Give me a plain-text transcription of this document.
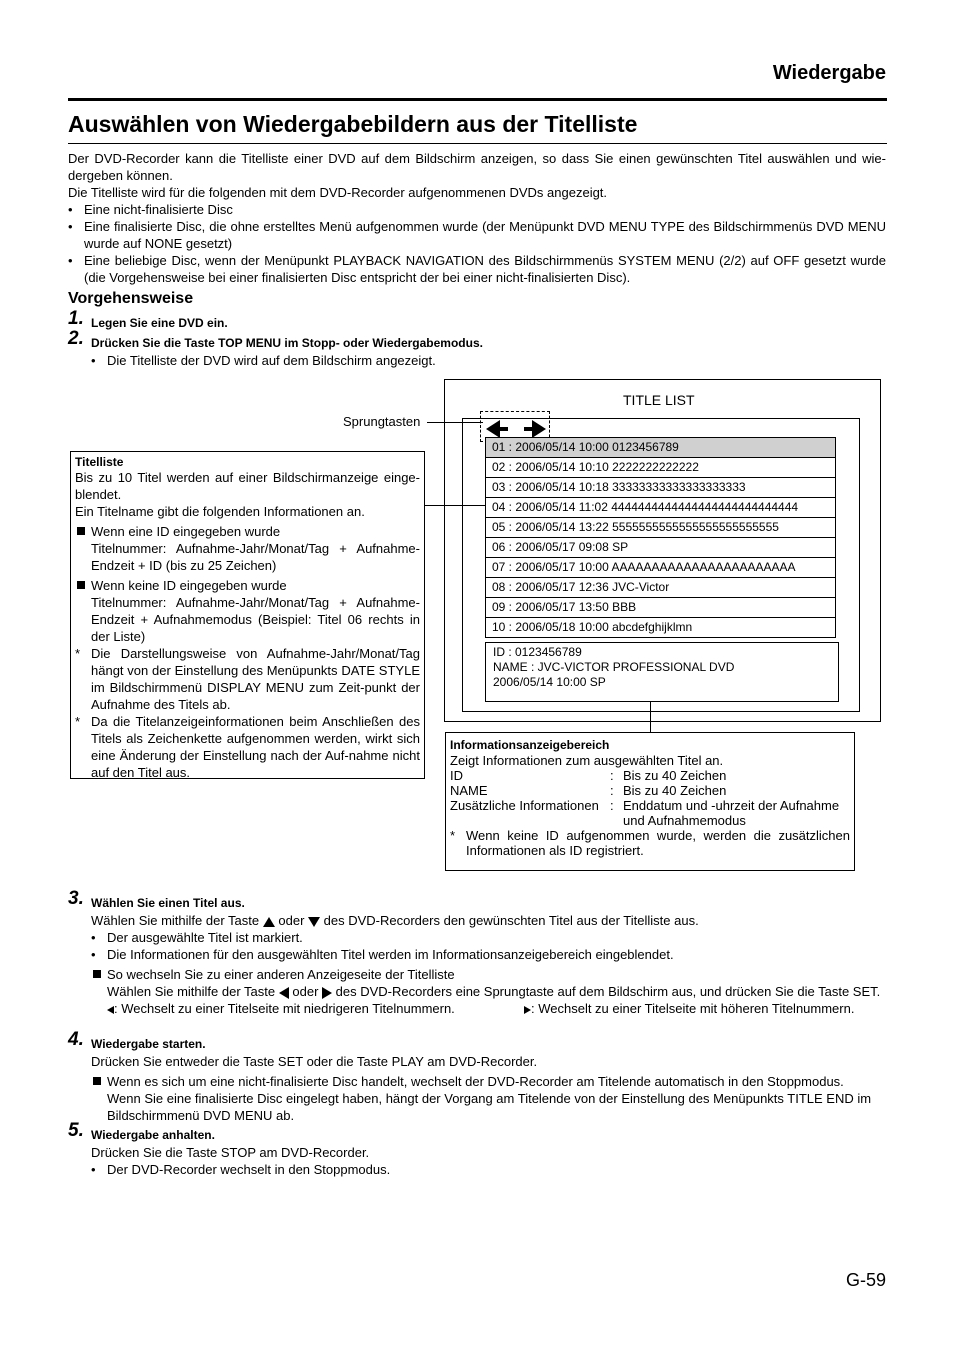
Wiedergabe
Auswählen von Wiedergabebildern aus der Titelliste

Der DVD-Recorder kann die Titelliste einer DVD auf dem Bildschirm anzeigen, so dass Sie einen gewünschten Titel auswählen und wie-dergeben können.

Die Titelliste wird für die folgenden mit dem DVD-Recorder aufgenommenen DVDs angezeigt.

• Eine nicht-finalisierte Disc

• Eine finalisierte Disc, die ohne erstelltes Menü aufgenommen wurde (der Menüpunkt DVD MENU TYPE des Bildschirmmenüs DVD MENU wurde auf NONE gesetzt)

• Eine beliebige Disc, wenn der Menüpunkt PLAYBACK NAVIGATION des Bildschirmmenüs SYSTEM MENU (2/2) auf OFF gesetzt wurde (die Vorgehensweise bei einer finalisierten Disc entspricht der bei einer nicht-finalisierten Disc).

Vorgehensweise
1. Legen Sie eine DVD ein.
2. Drücken Sie die Taste TOP MENU im Stopp- oder Wiedergabemodus.
• Die Titelliste der DVD wird auf dem Bildschirm angezeigt.
TITLE LIST
Sprungtasten
01 : 2006/05/14 10:00 0123456789
02 : 2006/05/14 10:10 2222222222222
03 : 2006/05/14 10:18 33333333333333333333
04 : 2006/05/14 11:02 4444444444444444444444444444
05 : 2006/05/14 13:22 5555555555555555555555555
06 : 2006/05/17 09:08 SP
07 : 2006/05/17 10:00 AAAAAAAAAAAAAAAAAAAAAAA
08 : 2006/05/17 12:36 JVC-Victor
09 : 2006/05/17 13:50 BBB
10 : 2006/05/18 10:00 abcdefghijklmn
ID : 0123456789
NAME : JVC-VICTOR PROFESSIONAL DVD
2006/05/14 10:00 SP
Titelliste
Bis zu 10 Titel werden auf einer Bildschirmanzeige einge-blendet.
Ein Titelname gibt die folgenden Informationen an.
Wenn eine ID eingegeben wurde
Titelnummer: Aufnahme-Jahr/Monat/Tag + Aufnahme-Endzeit + ID (bis zu 25 Zeichen)
Wenn keine ID eingegeben wurde
Titelnummer: Aufnahme-Jahr/Monat/Tag + Aufnahme-Endzeit + Aufnahmemodus (Beispiel: Titel 06 rechts in der Liste)
* Die Darstellungsweise von Aufnahme-Jahr/Monat/Tag hängt von der Einstellung des Menüpunkts DATE STYLE im Bildschirmmenü DISPLAY MENU zum Zeit-punkt der Aufnahme des Titels ab.
* Da die Titelanzeigeinformationen beim Anschließen des Titels als Zeichenkette aufgenommen werden, wirkt sich eine Änderung der Einstellung nach der Auf-nahme nicht auf den Titel aus.
Informationsanzeigebereich
Zeigt Informationen zum ausgewählten Titel an.
ID	:	Bis zu 40 Zeichen
NAME	:	Bis zu 40 Zeichen
Zusätzliche Informationen	:	Enddatum und -uhrzeit der Aufnahme und Aufnahmemodus
* Wenn keine ID aufgenommen wurde, werden die zusätzlichen Informationen als ID registriert.
3. Wählen Sie einen Titel aus.
Wählen Sie mithilfe der Taste oder des DVD-Recorders den gewünschten Titel aus der Titelliste aus.
• Der ausgewählte Titel ist markiert.
• Die Informationen für den ausgewählten Titel werden im Informationsanzeigebereich eingeblendet.
So wechseln Sie zu einer anderen Anzeigeseite der Titelliste
Wählen Sie mithilfe der Taste oder des DVD-Recorders eine Sprungtaste auf dem Bildschirm aus, und drücken Sie die Taste SET.
: Wechselt zu einer Titelseite mit niedrigeren Titelnummern.	: Wechselt zu einer Titelseite mit höheren Titelnummern.
4. Wiedergabe starten.
Drücken Sie entweder die Taste SET oder die Taste PLAY am DVD-Recorder.
Wenn es sich um eine nicht-finalisierte Disc handelt, wechselt der DVD-Recorder am Titelende automatisch in den Stoppmodus.
Wenn Sie eine finalisierte Disc eingelegt haben, hängt der Vorgang am Titelende von der Einstellung des Menüpunkts TITLE END im Bildschirmmenü DVD MENU ab.
5. Wiedergabe anhalten.
Drücken Sie die Taste STOP am DVD-Recorder.
• Der DVD-Recorder wechselt in den Stoppmodus.
G-59
